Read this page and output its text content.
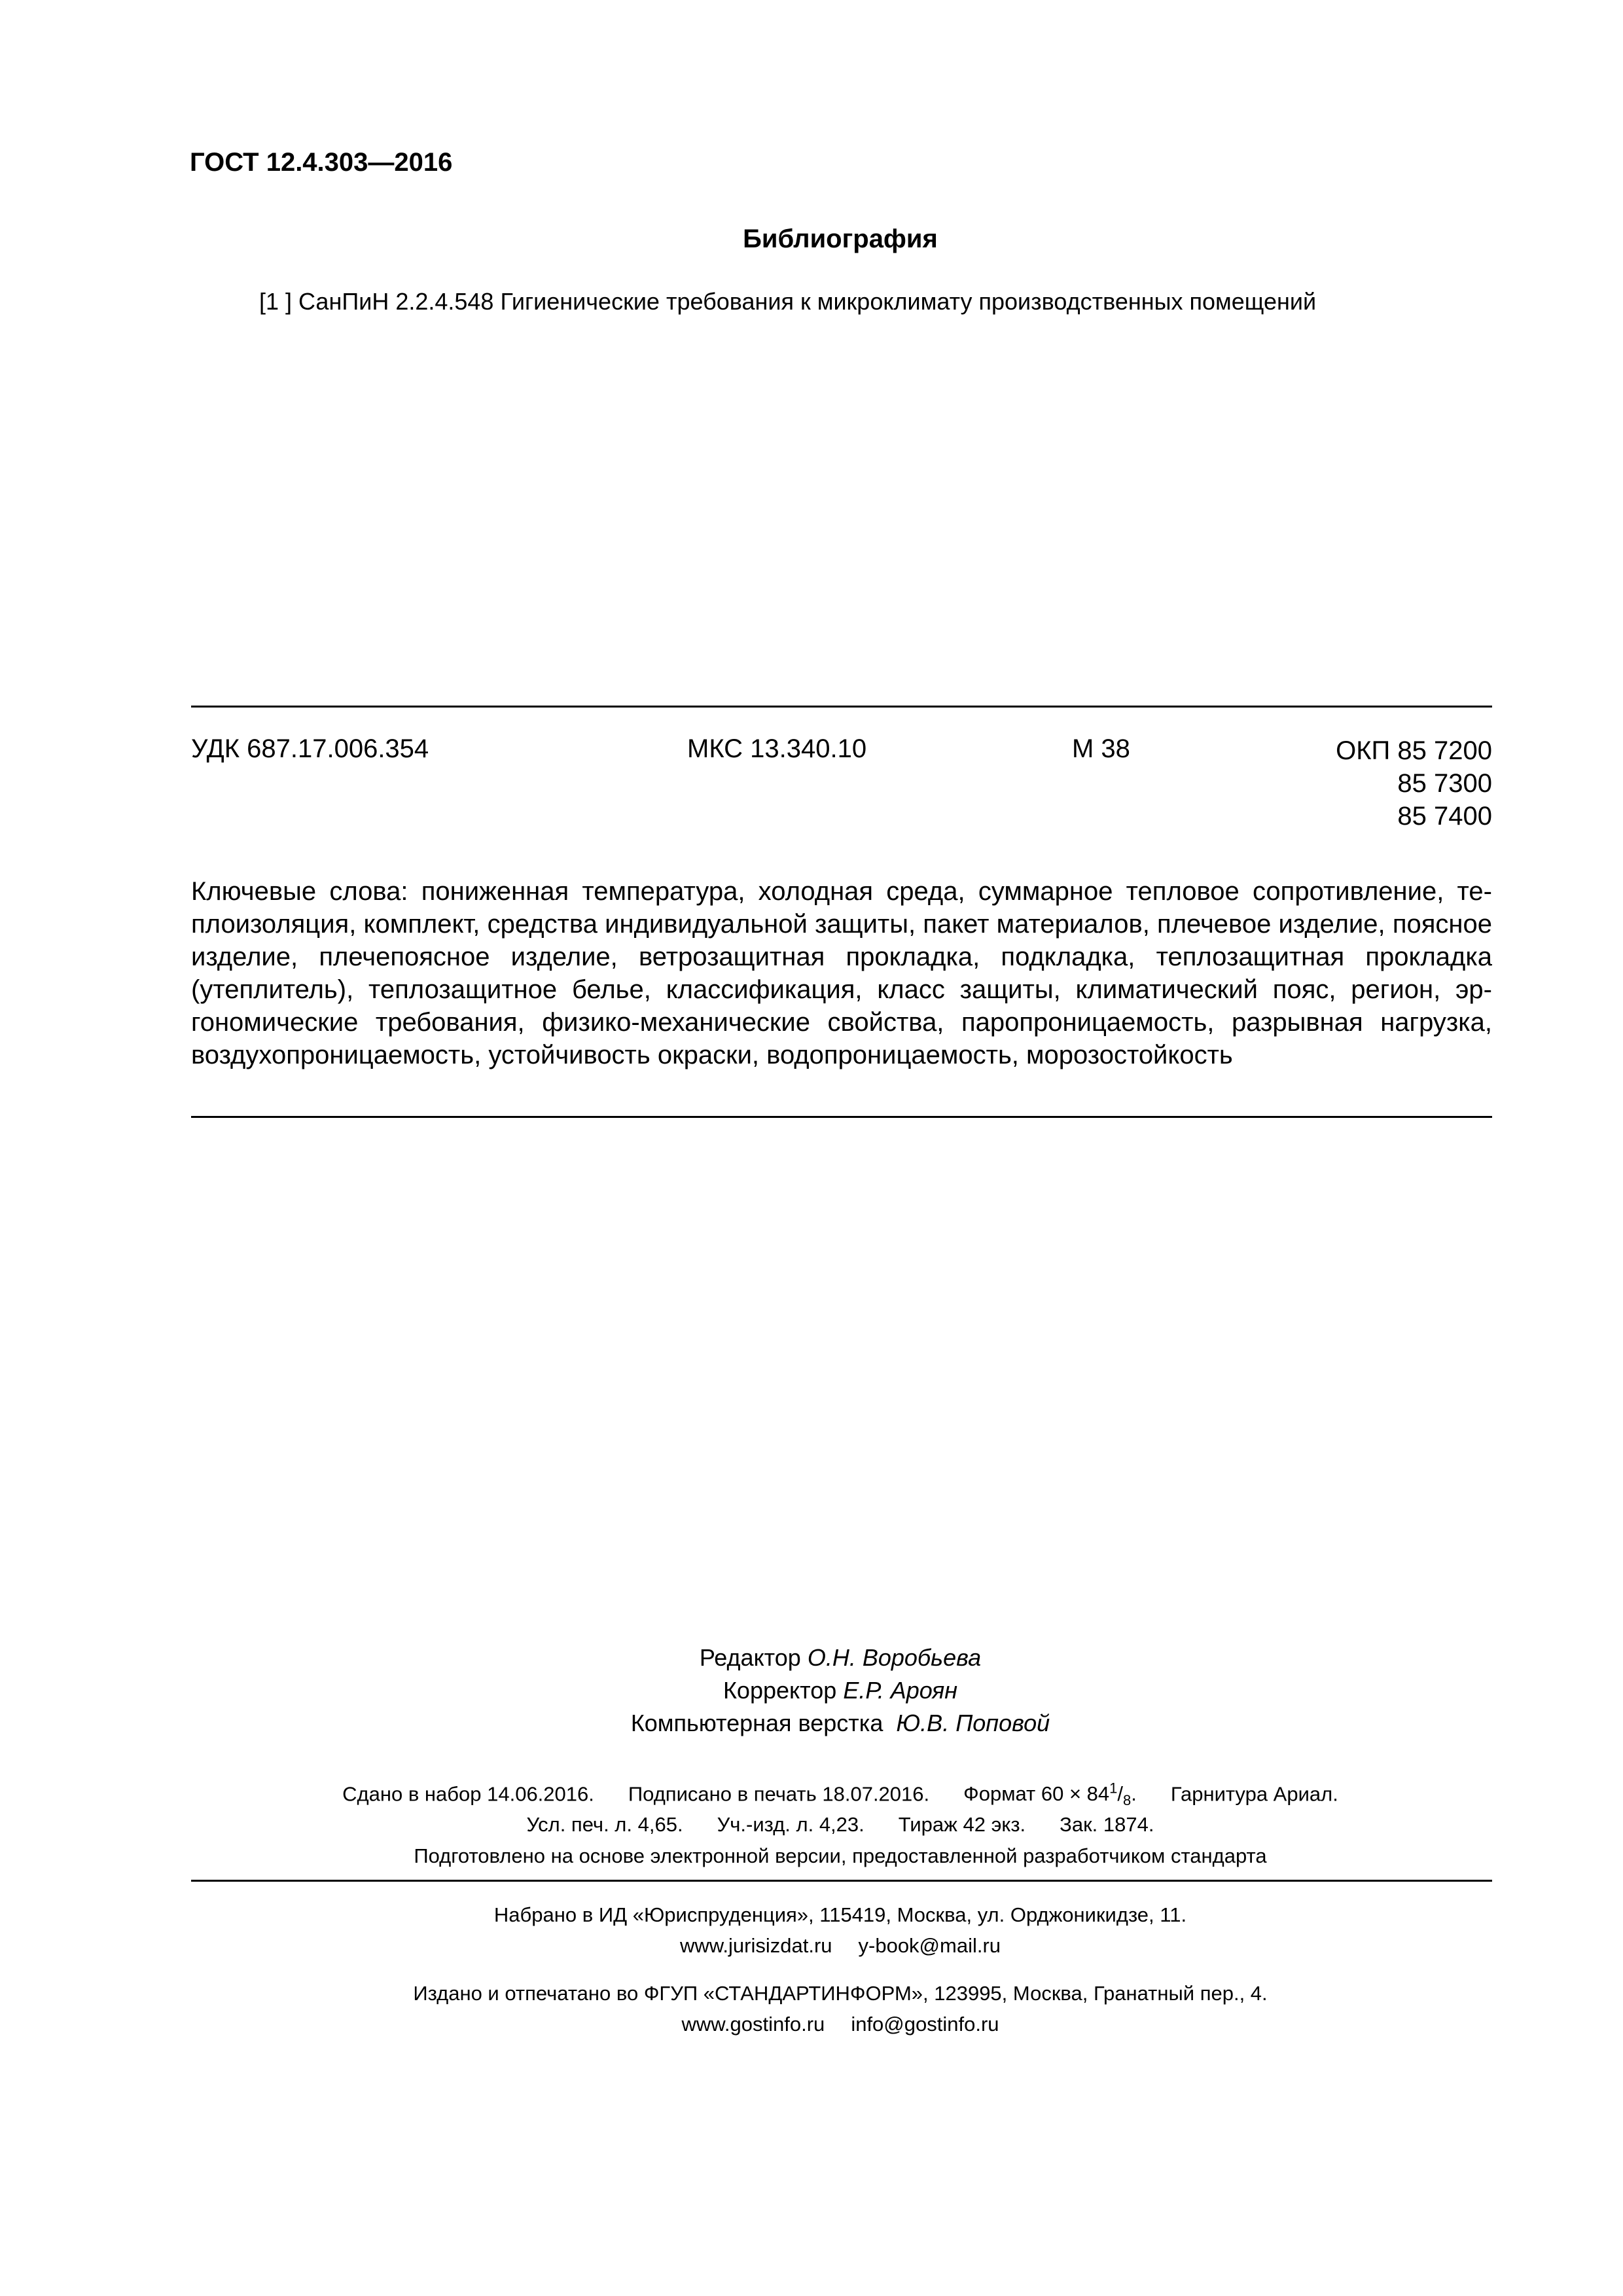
ГОСТ 12.4.303—2016
Библиография
[1 ] СанПиН 2.2.4.548 Гигиенические требования к микроклимату производственных помещений
УДК 687.17.006.354	МКС 13.340.10	М 38	ОКП 85 7200
85 7300
85 7400
Ключевые слова: пониженная температура, холодная среда, суммарное тепловое сопротивление, теплоизоляция, комплект, средства индивидуальной защиты, пакет материалов, плечевое изделие, поясное изделие, плечепоясное изделие, ветрозащитная прокладка, подкладка, теплозащитная прокладка (утеплитель), теплозащитное белье, классификация, класс защиты, климатический пояс, регион, эргономические требования, физико-механические свойства, паропроницаемость, разрывная нагрузка, воздухопроницаемость, устойчивость окраски, водопроницаемость, морозостойкость
Редактор О.Н. Воробьева
Корректор Е.Р. Ароян
Компьютерная верстка Ю.В. Поповой
Сдано в набор 14.06.2016. Подписано в печать 18.07.2016. Формат $60 \times 84^1/_8$. Гарнитура Ариал.
Усл. печ. л. 4,65. Уч.-изд. л. 4,23. Тираж 42 экз. Зак. 1874.
Подготовлено на основе электронной версии, предоставленной разработчиком стандарта
Набрано в ИД «Юриспруденция», 115419, Москва, ул. Орджоникидзе, 11.
www.jurisizdat.ru y-book@mail.ru
Издано и отпечатано во ФГУП «СТАНДАРТИНФОРМ», 123995, Москва, Гранатный пер., 4.
www.gostinfo.ru info@gostinfo.ru
